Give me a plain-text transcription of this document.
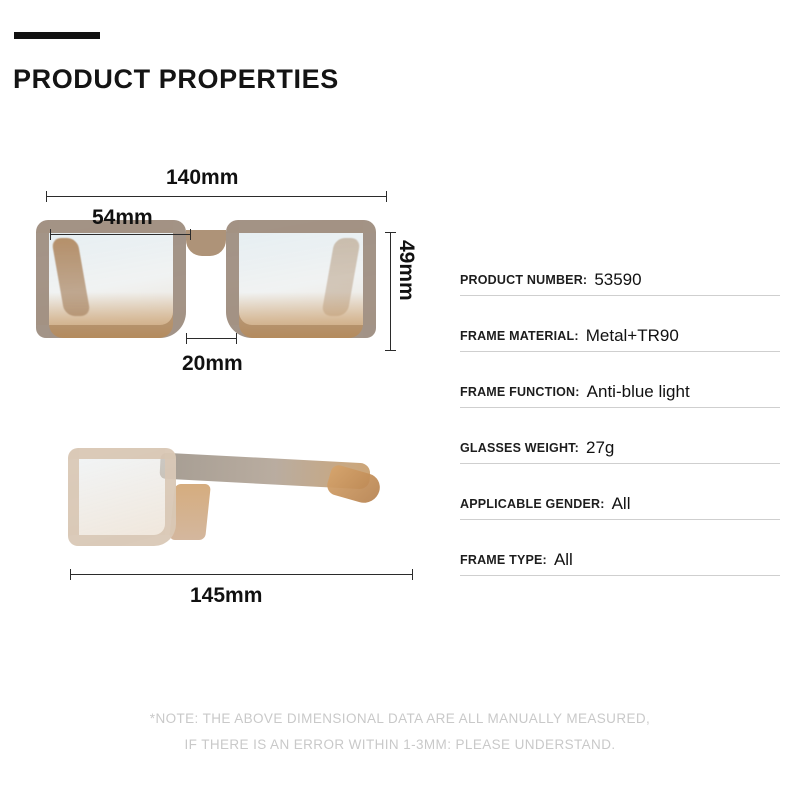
PRODUCT PROPERTIES
140mm
54mm
49mm
20mm
145mm
PRODUCT NUMBER: 53590
FRAME MATERIAL: Metal+TR90
FRAME FUNCTION: Anti-blue light
GLASSES WEIGHT: 27g
APPLICABLE GENDER: All
FRAME TYPE: All
*NOTE: THE ABOVE DIMENSIONAL DATA ARE ALL MANUALLY MEASURED,
IF THERE IS AN ERROR WITHIN 1-3MM: PLEASE UNDERSTAND.
